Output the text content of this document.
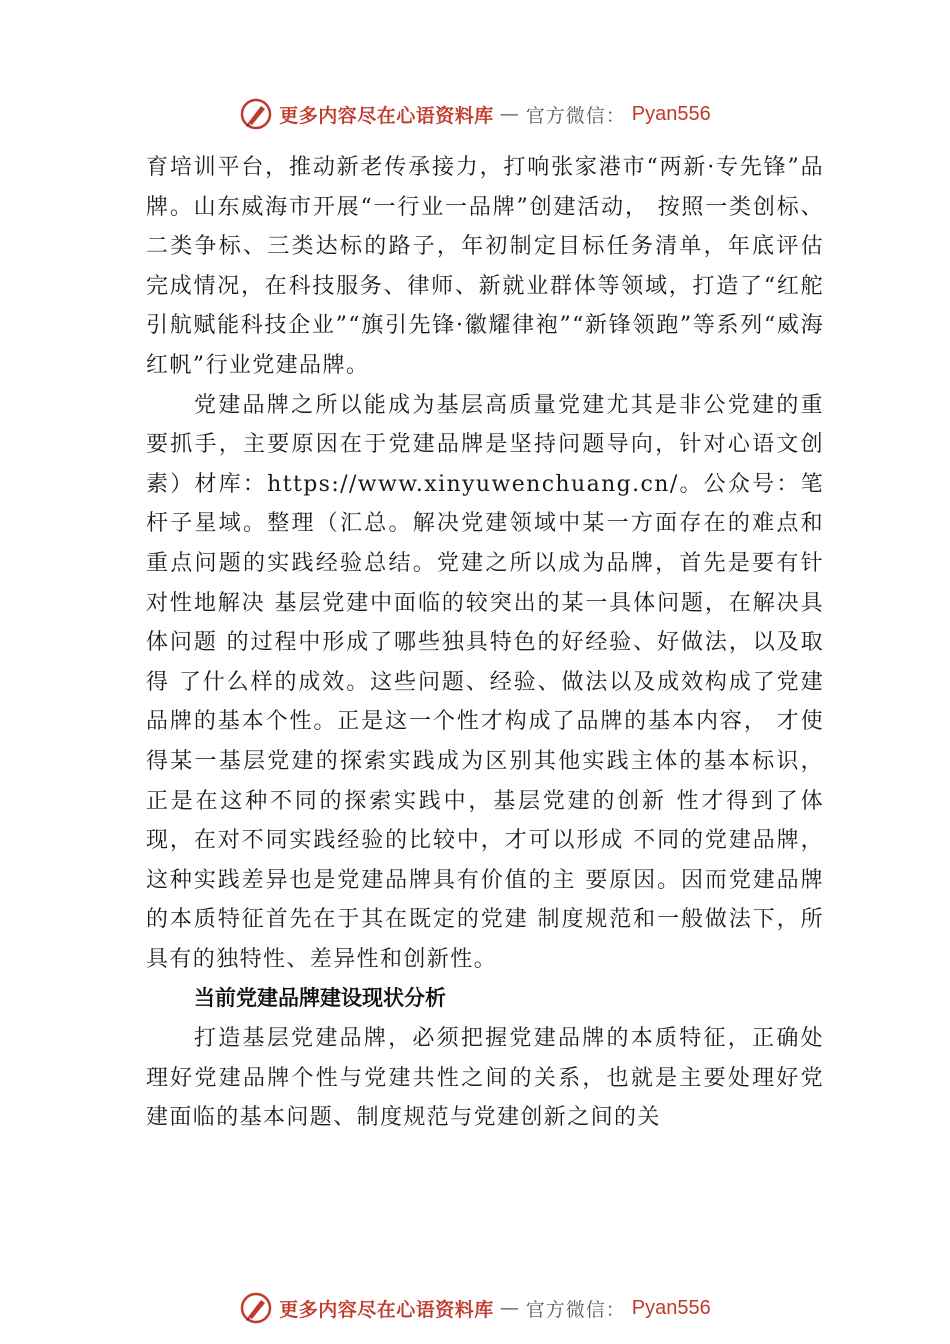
更多内容尽在心语资料库 — 官方微信： Pyan556

育培训平台，推动新老传承接力，打响张家港市“两新·专先锋”品牌。山东威海市开展“一行业一品牌”创建活动， 按照一类创标、二类争标、三类达标的路子，年初制定目标任务清单，年底评估完成情况，在科技服务、律师、新就业群体等领域，打造了“红舵引航赋能科技企业”“旗引先锋·徽耀律袍”“新锋领跑”等系列“威海红帆”行业党建品牌。

党建品牌之所以能成为基层高质量党建尤其是非公党建的重要抓手，主要原因在于党建品牌是坚持问题导向，针对心语文创素）材库：https://www.xinyuwenchuang.cn/。公众号：笔杆子星域。整理（汇总。解决党建领域中某一方面存在的难点和重点问题的实践经验总结。党建之所以成为品牌，首先是要有针对性地解决 基层党建中面临的较突出的某一具体问题，在解决具体问题 的过程中形成了哪些独具特色的好经验、好做法，以及取得 了什么样的成效。这些问题、经验、做法以及成效构成了党建品牌的基本个性。正是这一个性才构成了品牌的基本内容， 才使得某一基层党建的探索实践成为区别其他实践主体的基本标识，正是在这种不同的探索实践中，基层党建的创新 性才得到了体现，在对不同实践经验的比较中，才可以形成 不同的党建品牌，这种实践差异也是党建品牌具有价值的主 要原因。因而党建品牌的本质特征首先在于其在既定的党建 制度规范和一般做法下，所具有的独特性、差异性和创新性。

当前党建品牌建设现状分析

打造基层党建品牌，必须把握党建品牌的本质特征，正确处理好党建品牌个性与党建共性之间的关系，也就是主要处理好党建面临的基本问题、制度规范与党建创新之间的关

更多内容尽在心语资料库 — 官方微信： Pyan556
